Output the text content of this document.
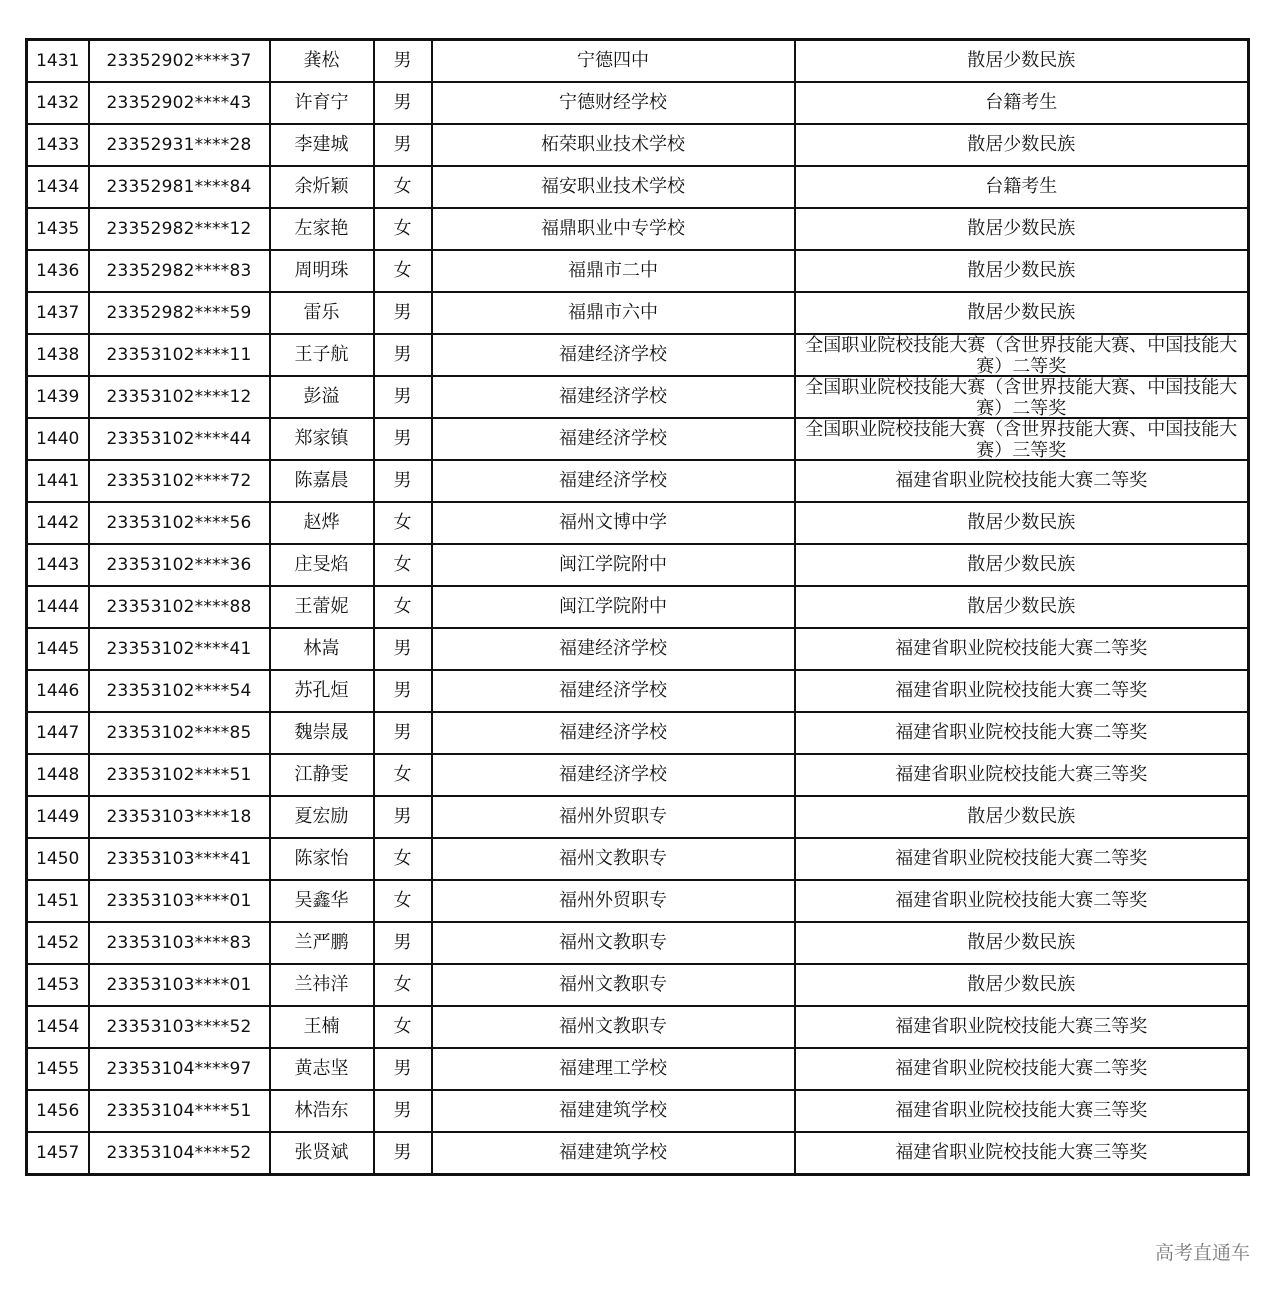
1431	23352902****37	龚松	男	宁德四中	散居少数民族
1432	23352902****43	许育宁	男	宁德财经学校	台籍考生
1433	23352931****28	李建城	男	柘荣职业技术学校	散居少数民族
1434	23352981****84	余炘颖	女	福安职业技术学校	台籍考生
1435	23352982****12	左家艳	女	福鼎职业中专学校	散居少数民族
1436	23352982****83	周明珠	女	福鼎市二中	散居少数民族
1437	23352982****59	雷乐	男	福鼎市六中	散居少数民族
1438	23353102****11	王子航	男	福建经济学校	全国职业院校技能大赛（含世界技能大赛、中国技能大赛）二等奖

1439	23353102****12	彭溢	男	福建经济学校	全国职业院校技能大赛（含世界技能大赛、中国技能大赛）二等奖

1440	23353102****44	郑家镇	男	福建经济学校	全国职业院校技能大赛（含世界技能大赛、中国技能大赛）三等奖

1441	23353102****72	陈嘉晨	男	福建经济学校	福建省职业院校技能大赛二等奖
1442	23353102****56	赵烨	女	福州文博中学	散居少数民族
1443	23353102****36	庄旻焰	女	闽江学院附中	散居少数民族
1444	23353102****88	王蕾妮	女	闽江学院附中	散居少数民族
1445	23353102****41	林嵩	男	福建经济学校	福建省职业院校技能大赛二等奖
1446	23353102****54	苏孔烜	男	福建经济学校	福建省职业院校技能大赛二等奖
1447	23353102****85	魏崇晟	男	福建经济学校	福建省职业院校技能大赛二等奖
1448	23353102****51	江静雯	女	福建经济学校	福建省职业院校技能大赛三等奖
1449	23353103****18	夏宏励	男	福州外贸职专	散居少数民族
1450	23353103****41	陈家怡	女	福州文教职专	福建省职业院校技能大赛二等奖
1451	23353103****01	吴鑫华	女	福州外贸职专	福建省职业院校技能大赛二等奖
1452	23353103****83	兰严鹏	男	福州文教职专	散居少数民族
1453	23353103****01	兰祎洋	女	福州文教职专	散居少数民族
1454	23353103****52	王楠	女	福州文教职专	福建省职业院校技能大赛三等奖
1455	23353104****97	黄志坚	男	福建理工学校	福建省职业院校技能大赛二等奖
1456	23353104****51	林浩东	男	福建建筑学校	福建省职业院校技能大赛三等奖
1457	23353104****52	张贤斌	男	福建建筑学校	福建省职业院校技能大赛三等奖
高考直通车
